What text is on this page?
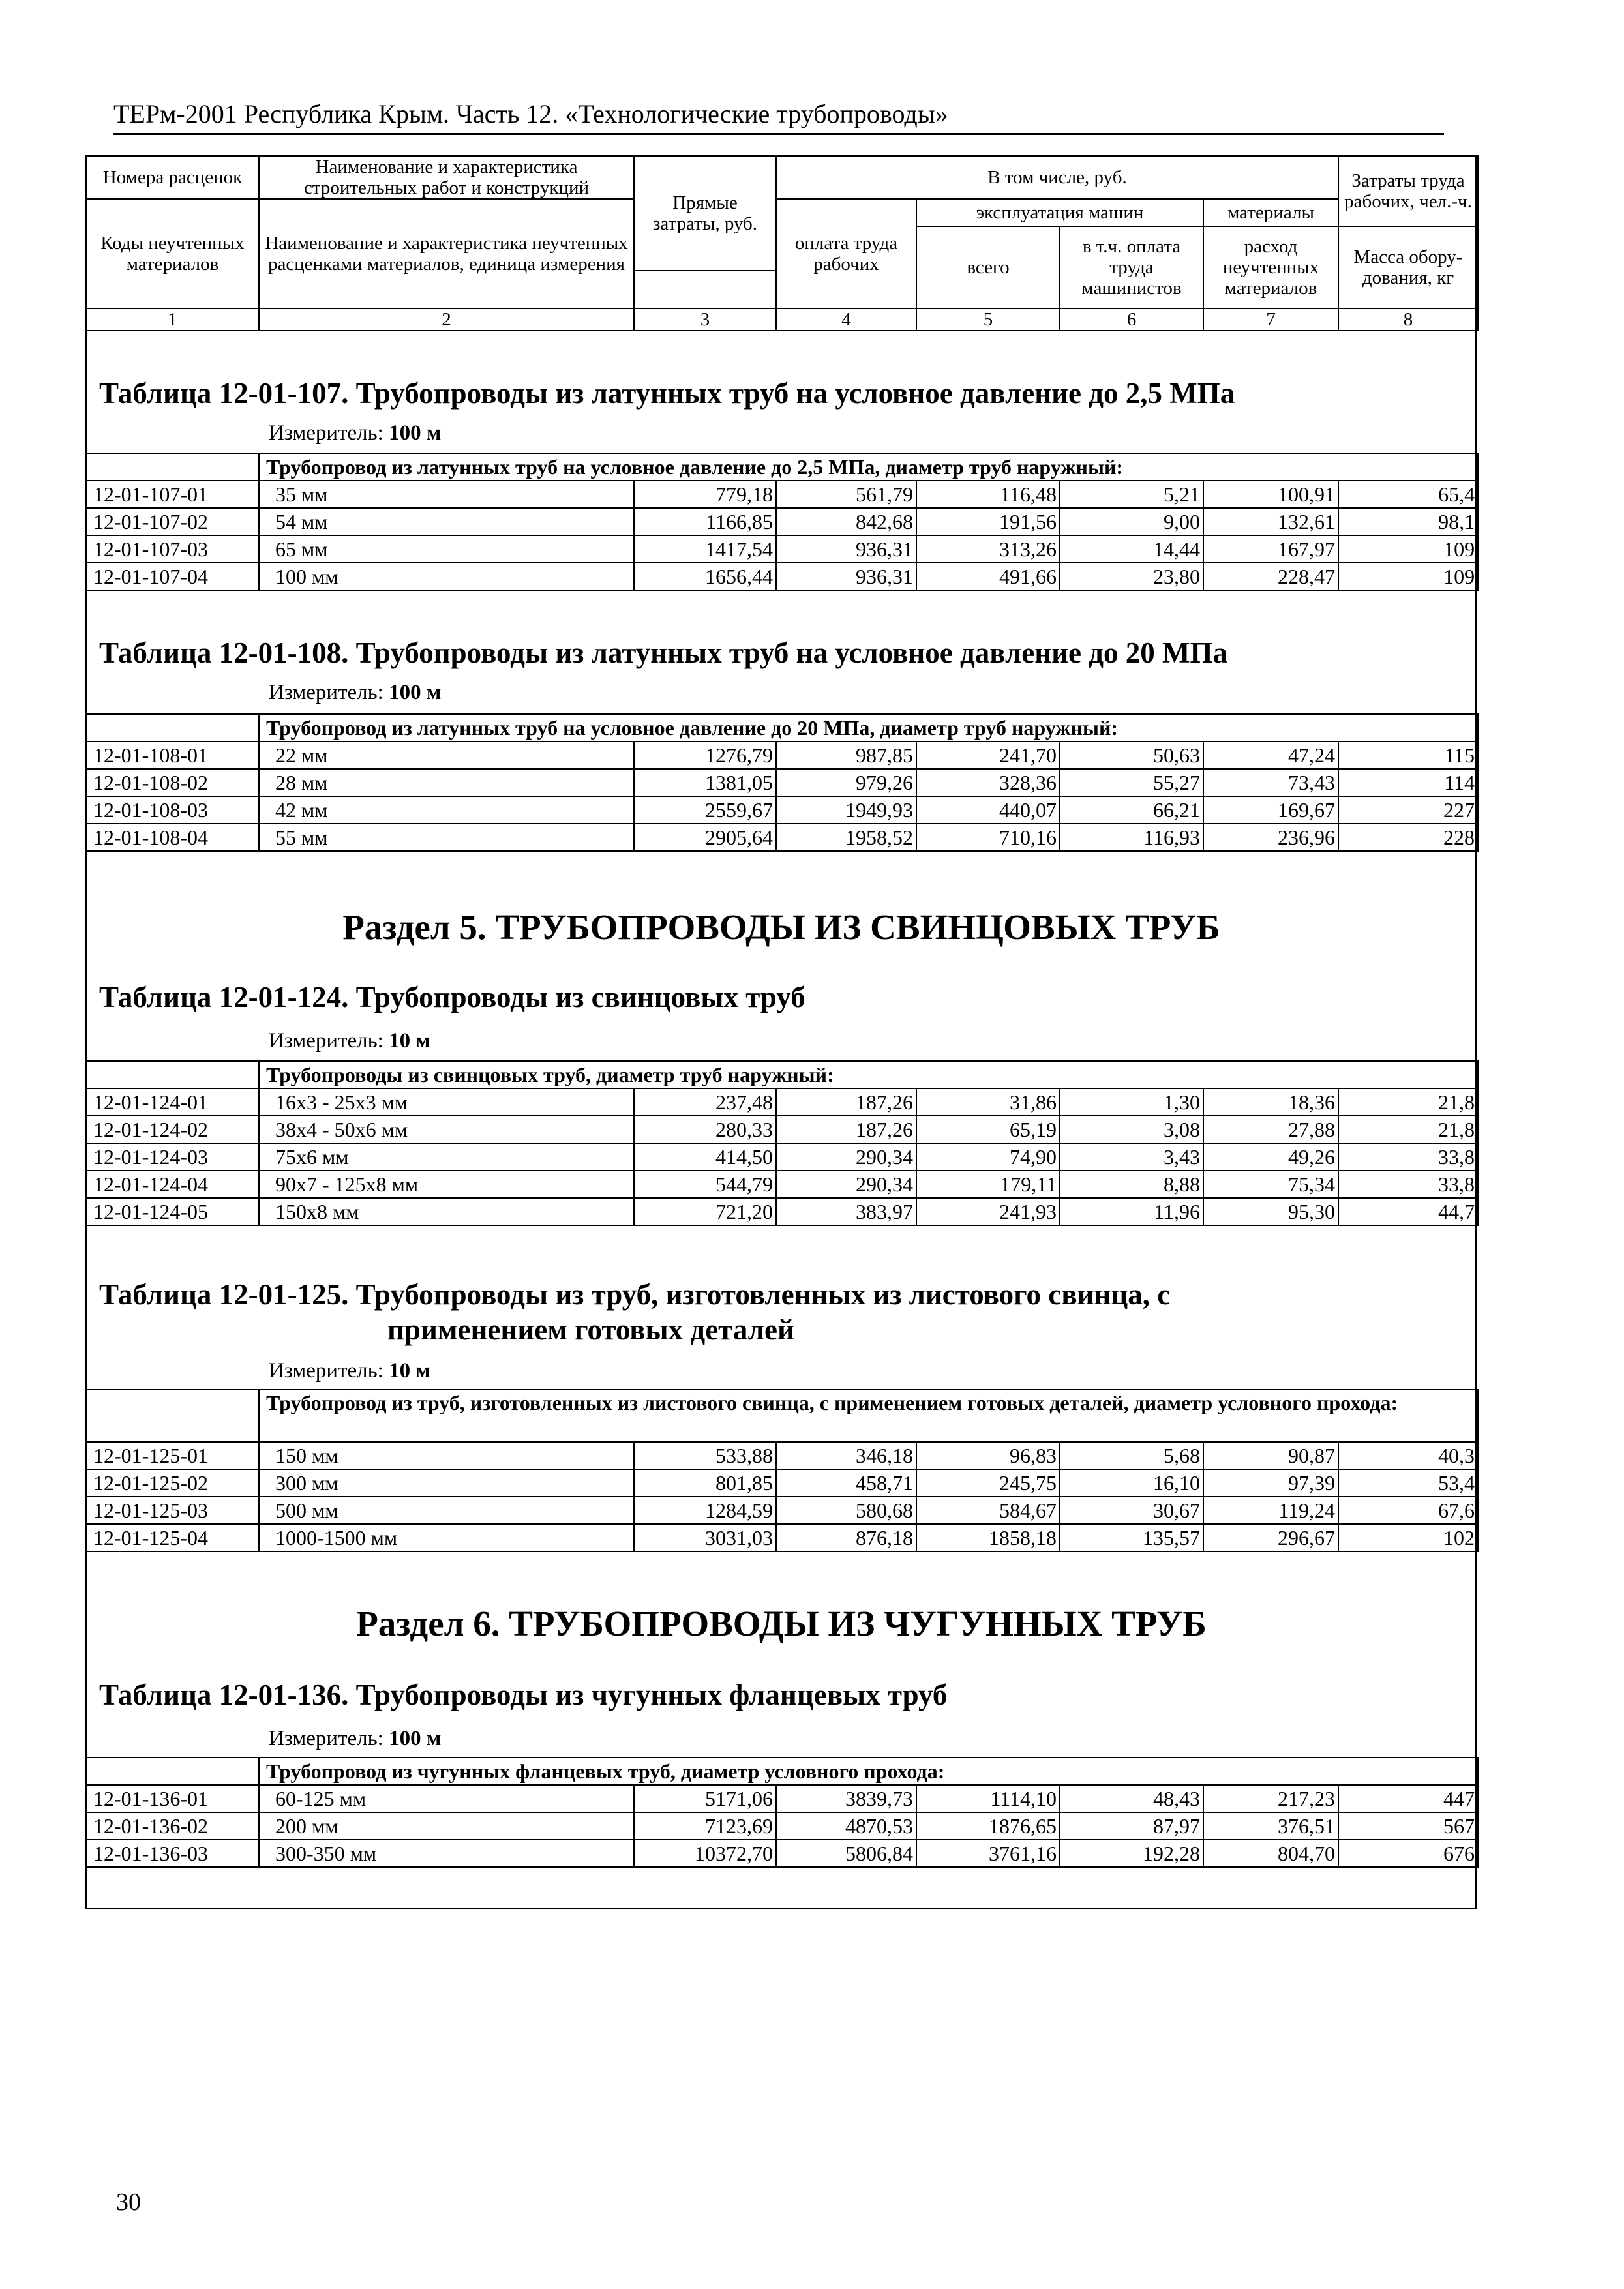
ТЕРм-2001 Республика Крым. Часть 12. «Технологические трубопроводы»
Номера расценок	Наименование и характеристика строительных работ и конструкций	Прямые затраты, руб.	В том числе, руб.				Затраты труда рабочих, чел.-ч.
Коды неучтенных материалов	Наименование и характеристика неучтенных расценками материалов, единица измерения		оплата труда рабочих	эксплуатация машин		материалы	
				всего	в т.ч. оплата труда машинистов	расход неучтенных материалов	Масса обору-дования, кг

1	2	3	4	5	6	7	8
Таблица 12-01-107. Трубопроводы из латунных труб на условное давление до 2,5 МПа
Измеритель: 100 м
	Трубопровод из латунных труб на условное давление до 2,5 МПа, диаметр труб наружный:						
12-01-107-01	35 мм	779,18	561,79	116,48	5,21	100,91	65,4
12-01-107-02	54 мм	1166,85	842,68	191,56	9,00	132,61	98,1
12-01-107-03	65 мм	1417,54	936,31	313,26	14,44	167,97	109
12-01-107-04	100 мм	1656,44	936,31	491,66	23,80	228,47	109
Таблица 12-01-108. Трубопроводы из латунных труб на условное давление до 20 МПа
Измеритель: 100 м
	Трубопровод из латунных труб на условное давление до 20 МПа, диаметр труб наружный:						
12-01-108-01	22 мм	1276,79	987,85	241,70	50,63	47,24	115
12-01-108-02	28 мм	1381,05	979,26	328,36	55,27	73,43	114
12-01-108-03	42 мм	2559,67	1949,93	440,07	66,21	169,67	227
12-01-108-04	55 мм	2905,64	1958,52	710,16	116,93	236,96	228
Раздел 5. ТРУБОПРОВОДЫ ИЗ СВИНЦОВЫХ ТРУБ
Таблица 12-01-124. Трубопроводы из свинцовых труб
Измеритель: 10 м
	Трубопроводы из свинцовых труб, диаметр труб наружный:						
12-01-124-01	16х3 - 25х3 мм	237,48	187,26	31,86	1,30	18,36	21,8
12-01-124-02	38х4 - 50х6 мм	280,33	187,26	65,19	3,08	27,88	21,8
12-01-124-03	75х6 мм	414,50	290,34	74,90	3,43	49,26	33,8
12-01-124-04	90х7 - 125х8 мм	544,79	290,34	179,11	8,88	75,34	33,8
12-01-124-05	150х8 мм	721,20	383,97	241,93	11,96	95,30	44,7
Таблица 12-01-125. Трубопроводы из труб, изготовленных из листового свинца, с
применением готовых деталей
Измеритель: 10 м
	Трубопровод из труб, изготовленных из листового свинца, с применением готовых деталей, диаметр условного прохода:						
12-01-125-01	150 мм	533,88	346,18	96,83	5,68	90,87	40,3
12-01-125-02	300 мм	801,85	458,71	245,75	16,10	97,39	53,4
12-01-125-03	500 мм	1284,59	580,68	584,67	30,67	119,24	67,6
12-01-125-04	1000-1500 мм	3031,03	876,18	1858,18	135,57	296,67	102
Раздел 6. ТРУБОПРОВОДЫ ИЗ ЧУГУННЫХ ТРУБ
Таблица 12-01-136. Трубопроводы из чугунных фланцевых труб
Измеритель: 100 м
	Трубопровод из чугунных фланцевых труб, диаметр условного прохода:						
12-01-136-01	60-125 мм	5171,06	3839,73	1114,10	48,43	217,23	447
12-01-136-02	200 мм	7123,69	4870,53	1876,65	87,97	376,51	567
12-01-136-03	300-350 мм	10372,70	5806,84	3761,16	192,28	804,70	676
30
